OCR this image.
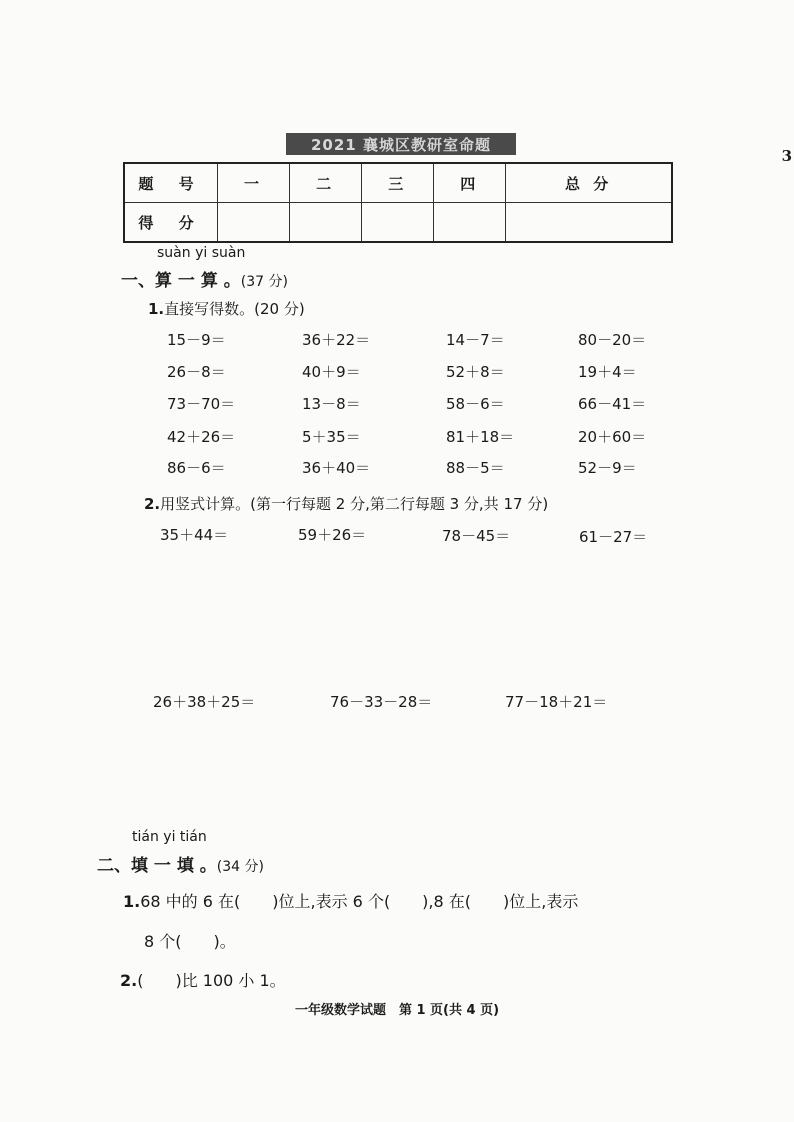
3
2021 襄城区教研室命题
题 号	一	二	三	四	总 分
得 分					
suàn yi suàn
一、算 一 算 。(37 分)
1.直接写得数。(20 分)
15－9＝	36＋22＝	14－7＝	80－20＝
26－8＝	40＋9＝	52＋8＝	19＋4＝
73－70＝	13－8＝	58－6＝	66－41＝
42＋26＝	5＋35＝	81＋18＝	20＋60＝
86－6＝	36＋40＝	88－5＝	52－9＝
2.用竖式计算。(第一行每题 2 分,第二行每题 3 分,共 17 分)
35＋44＝	59＋26＝	78－45＝	61－27＝
26＋38＋25＝	76－33－28＝	77－18＋21＝
tián yi tián
二、填 一 填 。(34 分)
1.68 中的 6 在(　　)位上,表示 6 个(　　),8 在(　　)位上,表示
8 个(　　)。
2.(　　)比 100 小 1。
一年级数学试题　第 1 页(共 4 页)
